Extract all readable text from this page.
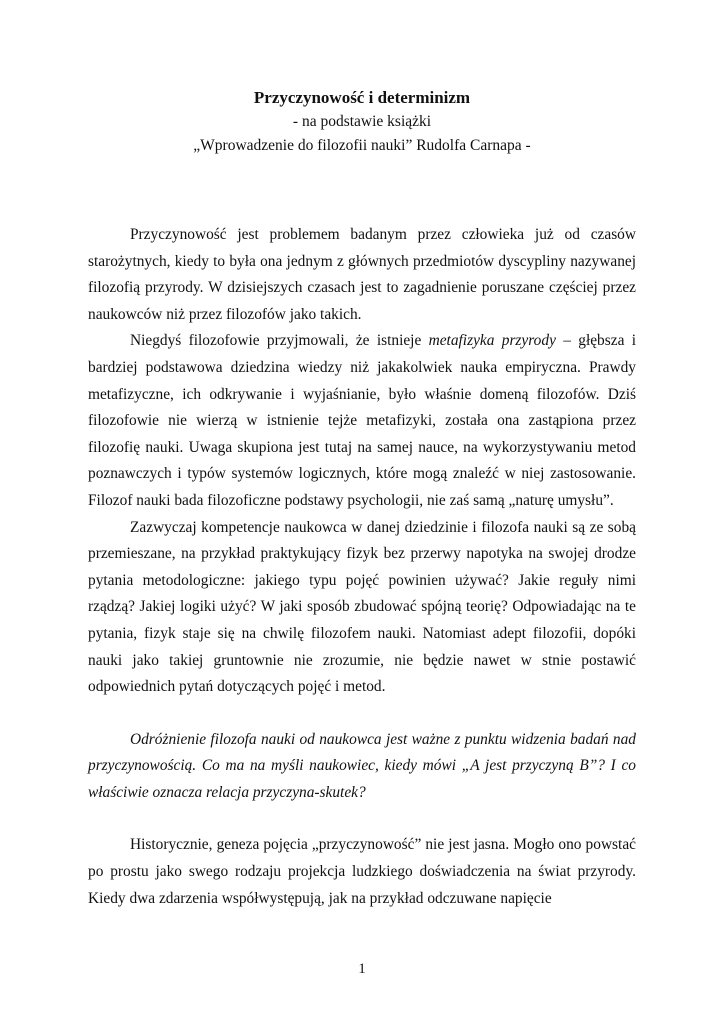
Przyczynowość i determinizm

- na podstawie książki

„Wprowadzenie do filozofii nauki” Rudolfa Carnapa -

Przyczynowość jest problemem badanym przez człowieka już od czasów starożytnych, kiedy to była ona jednym z głównych przedmiotów dyscypliny nazywanej filozofią przyrody. W dzisiejszych czasach jest to zagadnienie poruszane częściej przez naukowców niż przez filozofów jako takich.

Niegdyś filozofowie przyjmowali, że istnieje metafizyka przyrody – głębsza i bardziej podstawowa dziedzina wiedzy niż jakakolwiek nauka empiryczna. Prawdy metafizyczne, ich odkrywanie i wyjaśnianie, było właśnie domeną filozofów. Dziś filozofowie nie wierzą w istnienie tejże metafizyki, została ona zastąpiona przez filozofię nauki. Uwaga skupiona jest tutaj na samej nauce, na wykorzystywaniu metod poznawczych i typów systemów logicznych, które mogą znaleźć w niej zastosowanie. Filozof nauki bada filozoficzne podstawy psychologii, nie zaś samą „naturę umysłu”.

Zazwyczaj kompetencje naukowca w danej dziedzinie i filozofa nauki są ze sobą przemieszane, na przykład praktykujący fizyk bez przerwy napotyka na swojej drodze pytania metodologiczne: jakiego typu pojęć powinien używać? Jakie reguły nimi rządzą? Jakiej logiki użyć? W jaki sposób zbudować spójną teorię? Odpowiadając na te pytania, fizyk staje się na chwilę filozofem nauki. Natomiast adept filozofii, dopóki nauki jako takiej gruntownie nie zrozumie, nie będzie nawet w stnie postawić odpowiednich pytań dotyczących pojęć i metod.

Odróżnienie filozofa nauki od naukowca jest ważne z punktu widzenia badań nad przyczynowością. Co ma na myśli naukowiec, kiedy mówi „A jest przyczyną B”? I co właściwie oznacza relacja przyczyna-skutek?

Historycznie, geneza pojęcia „przyczynowość” nie jest jasna. Mogło ono powstać po prostu jako swego rodzaju projekcja ludzkiego doświadczenia na świat przyrody. Kiedy dwa zdarzenia współwystępują, jak na przykład odczuwane napięcie

1
